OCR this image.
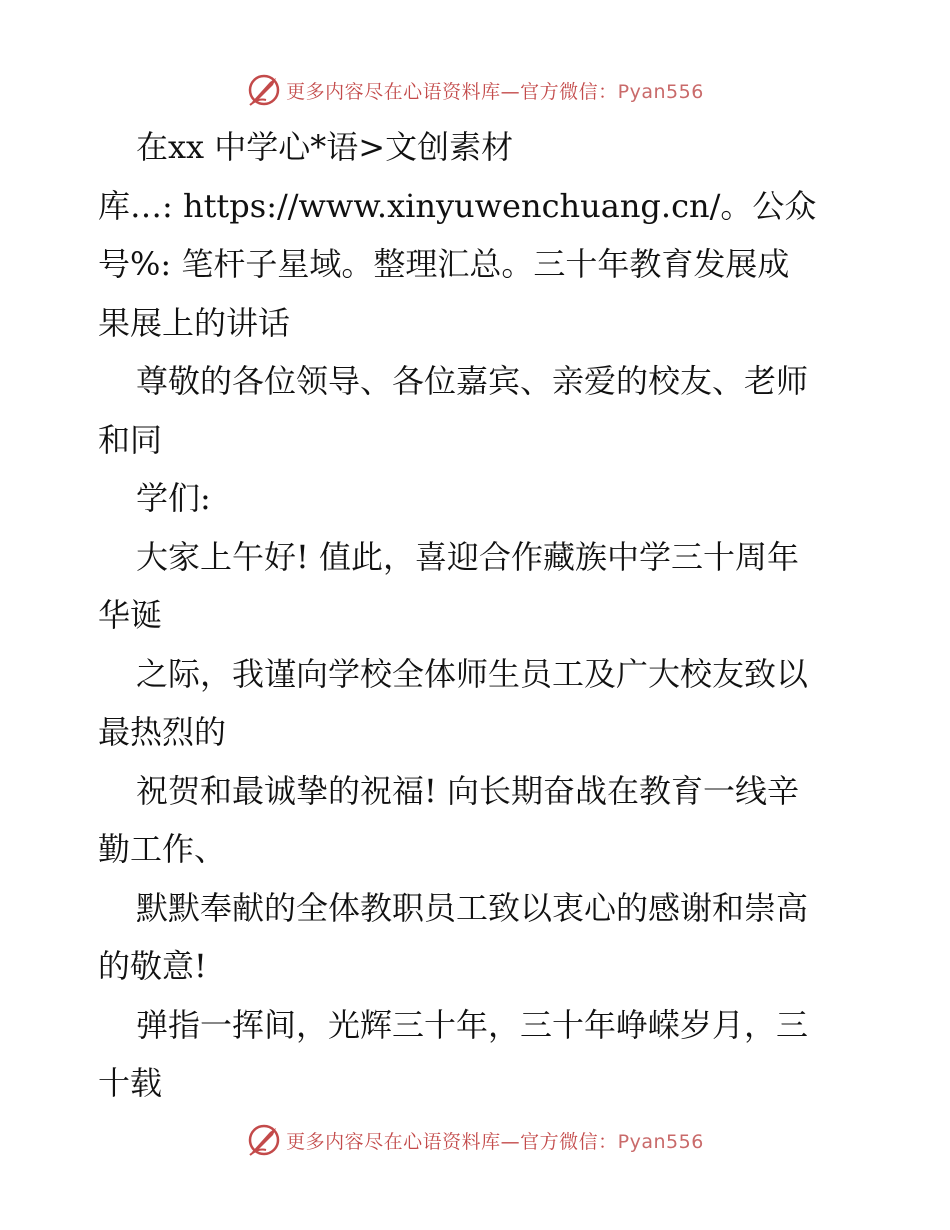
更多内容尽在心语资料库—官方微信：Pyan556

在xx 中学心*语>文创素材

库…: https://www.xinyuwenchuang.cn/。公众

号%: 笔杆子星域。整理汇总。三十年教育发展成

果展上的讲话

尊敬的各位领导、各位嘉宾、亲爱的校友、老师

和同

学们:

大家上午好! 值此，喜迎合作藏族中学三十周年

华诞

之际，我谨向学校全体师生员工及广大校友致以

最热烈的

祝贺和最诚挚的祝福! 向长期奋战在教育一线辛

勤工作、

默默奉献的全体教职员工致以衷心的感谢和崇高

的敬意!

弹指一挥间，光辉三十年，三十年峥嵘岁月，三

十载

更多内容尽在心语资料库—官方微信：Pyan556
